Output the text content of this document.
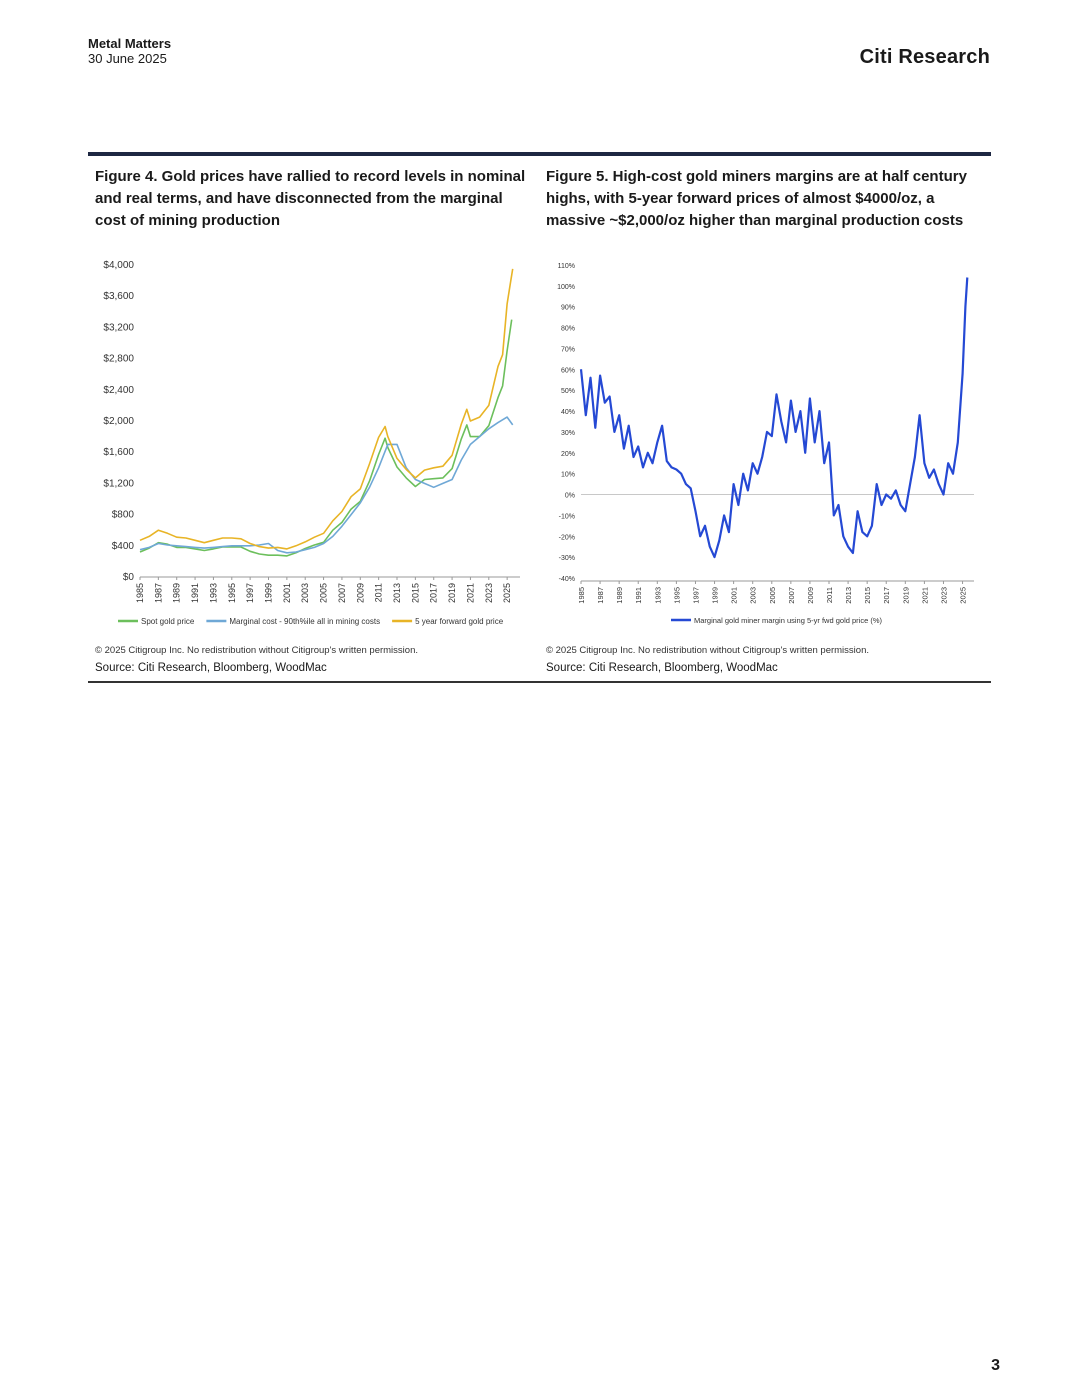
Metal Matters
30 June 2025	Citi Research
Figure 4. Gold prices have rallied to record levels in nominal and real terms, and have disconnected from the marginal cost of mining production
Figure 5. High-cost gold miners margins are at half century highs, with 5-year forward prices of almost $4000/oz, a massive ~$2,000/oz higher than marginal production costs
$0
$400
$800
$1,200
$1,600
$2,000
$2,400
$2,800
$3,200
$3,600
$4,000
1985 1987 1989 1991 1993 1995 1997 1999 2001 2003 2005 2007 2009 2011 2013 2015 2017 2019 2021 2023 2025
Spot gold price	Marginal cost - 90th%ile all in mining costs	5 year forward gold price
-40%
-30%
-20%
-10%
0%
10%
20%
30%
40%
50%
60%
70%
80%
90%
100%
110%
1985 1987 1989 1991 1993 1995 1997 1999 2001 2003 2005 2007 2009 2011 2013 2015 2017 2019 2021 2023 2025
Marginal gold miner margin using 5-yr fwd gold price (%)
© 2025 Citigroup Inc. No redistribution without Citigroup's written permission.
Source: Citi Research, Bloomberg, WoodMac
© 2025 Citigroup Inc. No redistribution without Citigroup's written permission.
Source: Citi Research, Bloomberg, WoodMac
3
